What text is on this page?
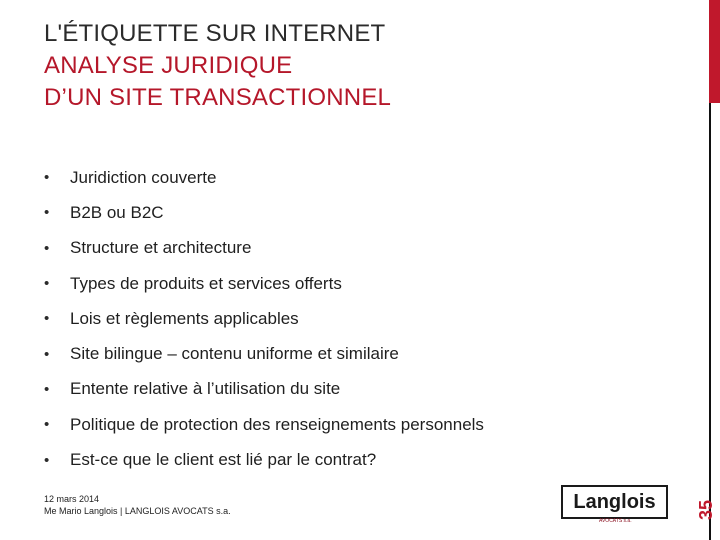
L'ÉTIQUETTE SUR INTERNET
ANALYSE JURIDIQUE
D’UN SITE TRANSACTIONNEL
•	Juridiction couverte
•	B2B ou B2C
•	Structure et architecture
•	Types de produits et services offerts
•	Lois et règlements applicables
•	Site bilingue – contenu uniforme et similaire
•	Entente relative à l’utilisation du site
•	Politique de protection des renseignements personnels
•	Est-ce que le client est lié par le contrat?
12 mars 2014
Me Mario Langlois | LANGLOIS AVOCATS s.a.	Langlois
AVOCATS s.a.
35
